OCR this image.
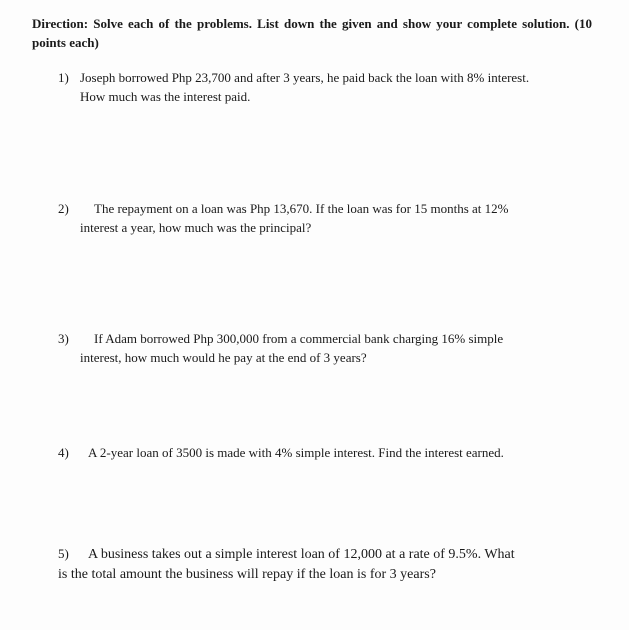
Direction: Solve each of the problems. List down the given and show your complete solution. (10 points each)
1) Joseph borrowed Php 23,700 and after 3 years, he paid back the loan with 8% interest.
How much was the interest paid.
2) The repayment on a loan was Php 13,670. If the loan was for 15 months at 12%
interest a year, how much was the principal?
3) If Adam borrowed Php 300,000 from a commercial bank charging 16% simple
interest, how much would he pay at the end of 3 years?
4) A 2-year loan of 3500 is made with 4% simple interest. Find the interest earned.
5) A business takes out a simple interest loan of 12,000 at a rate of 9.5%. What
is the total amount the business will repay if the loan is for 3 years?
